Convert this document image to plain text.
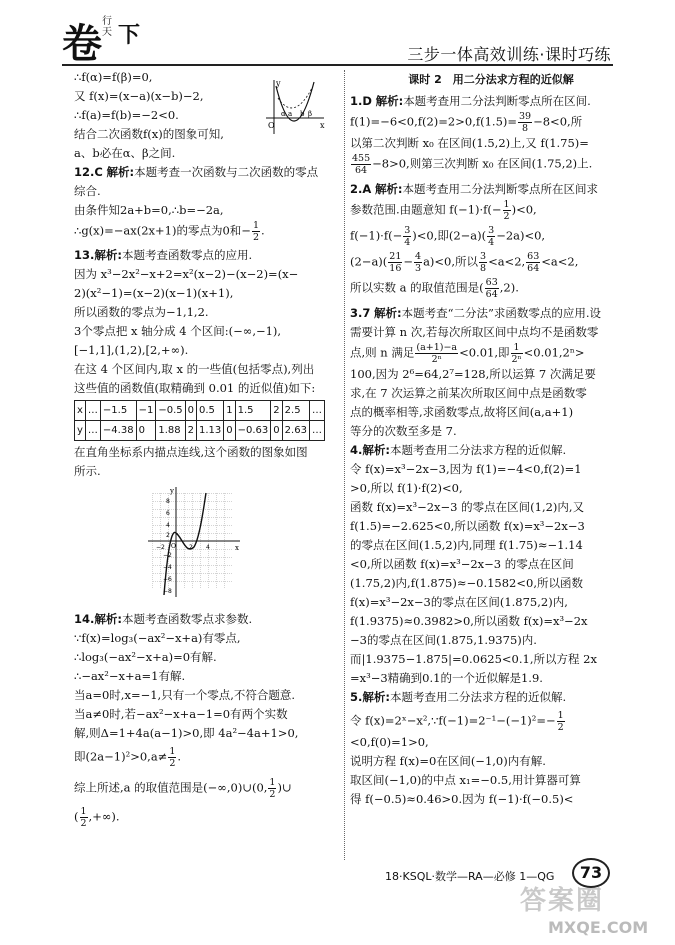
卷 行天 下
三步一体高效训练·课时巧练

∴f(α)=f(β)=0,

又 f(x)=(x−a)(x−b)−2,

∴f(a)=f(b)=−2<0.

结合二次函数f(x)的图象可知,

a、b必在α、β之间.

O
α a b β
x
y

12.C 解析:本题考查一次函数与二次函数的零点

综合.

由条件知2a+b=0,∴b=−2a,

∴g(x)=−ax(2x+1)的零点为0和− $\frac{1}{2}$ .

13.解析:本题考查函数零点的应用.

因为 x³−2x²−x+2=x²(x−2)−(x−2)=(x−

2)(x²−1)=(x−2)(x−1)(x+1),

所以函数的零点为−1,1,2.

3个零点把 x 轴分成 4 个区间:(−∞,−1),

[−1,1],(1,2),[2,+∞).

在这 4 个区间内,取 x 的一些值(包括零点),列出

这些值的函数值(取精确到 0.01 的近似值)如下:

x	…	−1.5	−1	−0.5	0	0.5	1	1.5	2	2.5	…
y	…	−4.38	0	1.88	2	1.13	0	−0.63	0	2.63	…

在直角坐标系内描点连线,这个函数的图象如图

所示.

y
x
O
8
6
4
2
−2
−4
−6
−8
−2	2 4

14.解析:本题考查函数零点求参数.

∵f(x)=log₃(−ax²−x+a)有零点,

∴log₃(−ax²−x+a)=0有解.

∴−ax²−x+a=1有解.

当a=0时,x=−1,只有一个零点,不符合题意.

当a≠0时,若−ax²−x+a−1=0有两个实数

解,则Δ=1+4a(a−1)>0,即 4a²−4a+1>0,

即$(2a-1)^2>0,a\ne \frac{1}{2}$ .

综上所述,a 的取值范围是(−∞,0)∪(0, $\frac{1}{2}$ )∪

( $\frac{1}{2}$ ,+∞).

课时 2　用二分法求方程的近似解

1.D 解析:本题考查用二分法判断零点所在区间.

$f(1)=-6<0,f(2)=2>0,f(1.5)= \frac{39}{8} -8<0$,所

以第二次判断 x₀ 在区间(1.5,2)上,又 f(1.75)=

$\frac{455}{64} -8>0$,则第三次判断 x₀ 在区间(1.75,2)上.

2.A 解析:本题考查用二分法判断零点所在区间求

参数范围.由题意知 $f(-1)\cdot f(- \frac{1}{2} )<0$,

$f(-1)\cdot f(- \frac{3}{4} )<0$,即$(2-a)( \frac{3}{4} -2a)<0$,

$(2-a)( \frac{21}{16} - \frac{4}{3} a)<0$,所以 $\frac{3}{8} <a<2$, $\frac{63}{64} <a<2$,

所以实数 a 的取值范围是( $\frac{63}{64} ,2$).

3.7 解析:本题考查“二分法”求函数零点的应用.设

需要计算 n 次,若每次所取区间中点均不是函数零

点,则 n 满足 $\frac{(a+1)-a}{\text{2ⁿ}} <0.01$,即 $\frac{1}{\text{2ⁿ}} <0.01,2^n>$

100,因为 2⁶=64,2⁷=128,所以运算 7 次满足要

求,在 7 次运算之前某次所取区间中点是函数零

点的概率相等,求函数零点,故将区间(a,a+1)

等分的次数至多是 7.

4.解析:本题考查用二分法求方程的近似解.

令 f(x)=x³−2x−3,因为 f(1)=−4<0,f(2)=1

>0,所以 f(1)·f(2)<0,

函数 f(x)=x³−2x−3 的零点在区间(1,2)内,又

f(1.5)=−2.625<0,所以函数 f(x)=x³−2x−3

的零点在区间(1.5,2)内,同理 f(1.75)≈−1.14

<0,所以函数 f(x)=x³−2x−3 的零点在区间

(1.75,2)内,f(1.875)≈−0.1582<0,所以函数

f(x)=x³−2x−3的零点在区间(1.875,2)内,

f(1.9375)≈0.3982>0,所以函数 f(x)=x³−2x

−3的零点在区间(1.875,1.9375)内.

而|1.9375−1.875|=0.0625<0.1,所以方程 2x

=x³−3精确到0.1的一个近似解是1.9.

5.解析:本题考查用二分法求方程的近似解.

令 f(x)=2ˣ−x²,∵f(−1)=2⁻¹−(−1)²=− $\frac{1}{2}$

<0,f(0)=1>0,

说明方程 f(x)=0在区间(−1,0)内有解.

取区间(−1,0)的中点 x₁=−0.5,用计算器可算

得 f(−0.5)≈0.46>0.因为 f(−1)·f(−0.5)<

18·KSQL·数学—RA—必修 1—QG	73
答案圈
MXQE.COM
